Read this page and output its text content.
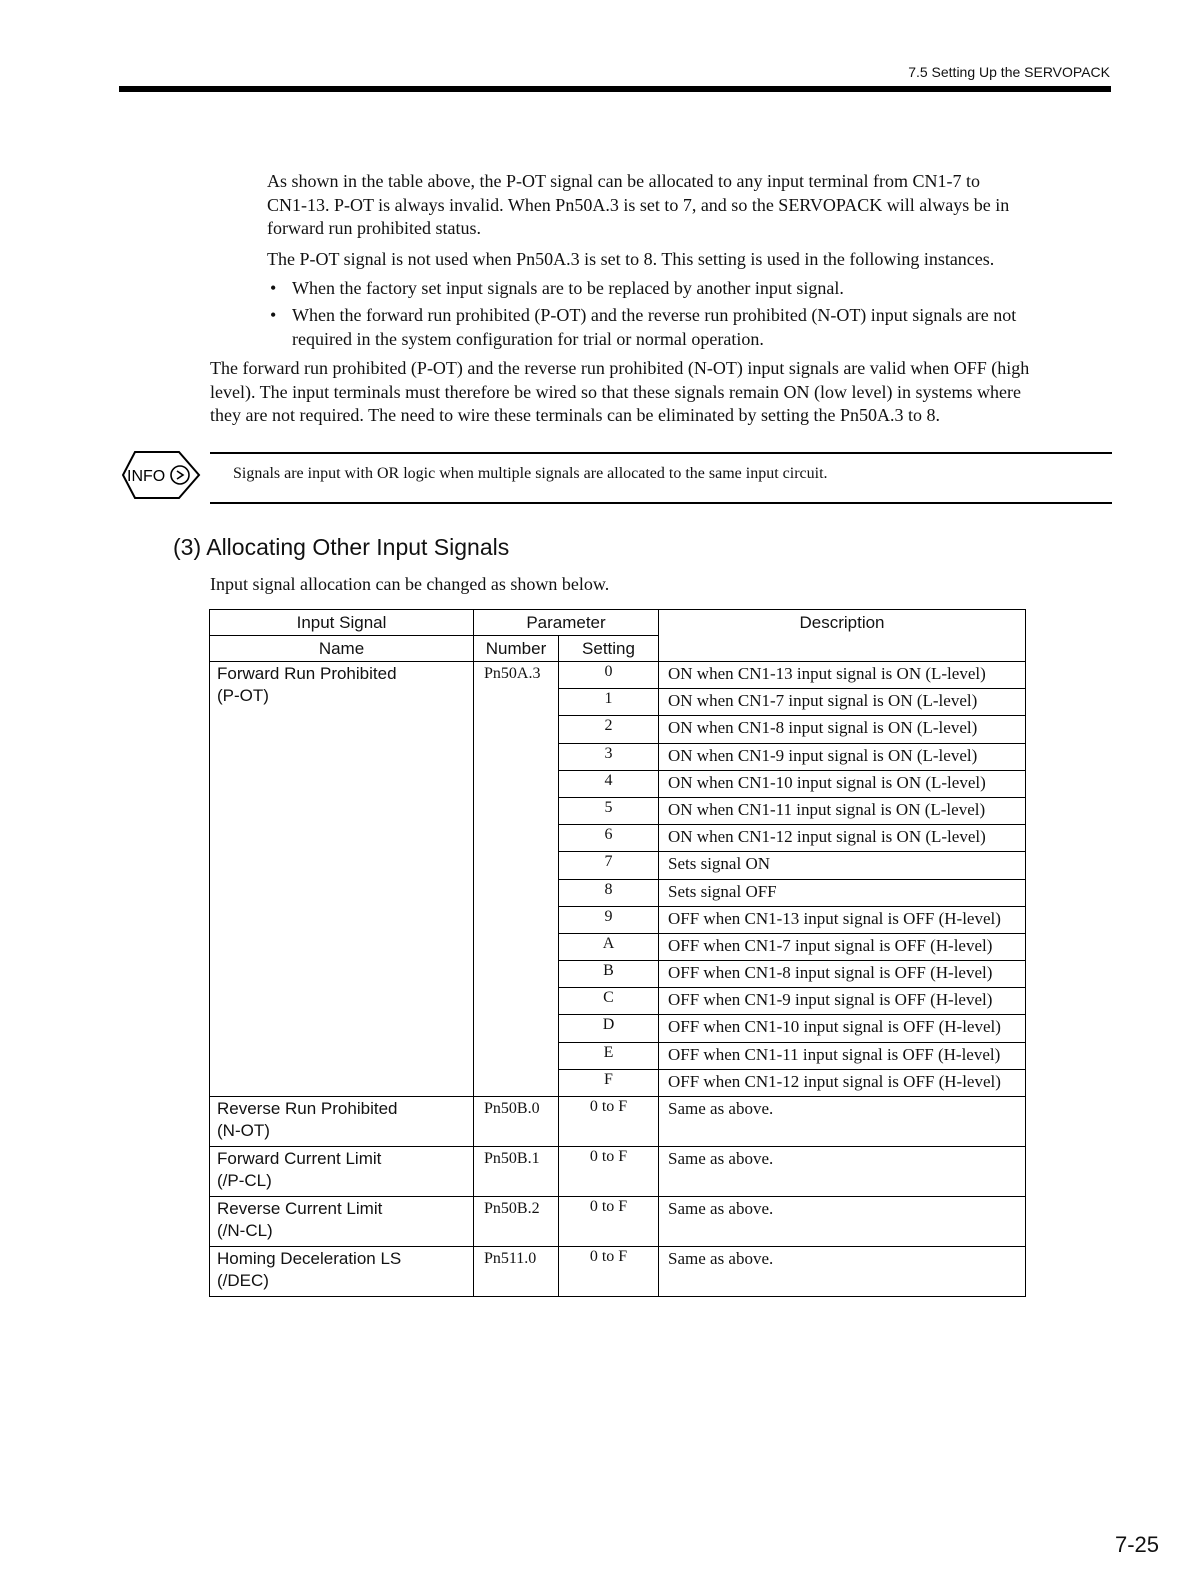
7.5 Setting Up the SERVOPACK
As shown in the table above, the P-OT signal can be allocated to any input terminal from CN1-7 to
CN1-13. P-OT is always invalid. When Pn50A.3 is set to 7, and so the SERVOPACK will always be in
forward run prohibited status.
The P-OT signal is not used when Pn50A.3 is set to 8. This setting is used in the following instances.
• When the factory set input signals are to be replaced by another input signal.
• When the forward run prohibited (P-OT) and the reverse run prohibited (N-OT) input signals are not
required in the system configuration for trial or normal operation.
The forward run prohibited (P-OT) and the reverse run prohibited (N-OT) input signals are valid when OFF (high
level). The input terminals must therefore be wired so that these signals remain ON (low level) in systems where
they are not required. The need to wire these terminals can be eliminated by setting the Pn50A.3 to 8.
INFO	Signals are input with OR logic when multiple signals are allocated to the same input circuit.
(3) Allocating Other Input Signals
Input signal allocation can be changed as shown below.
Input Signal	Parameter		Description
Name	Number	Setting	

Forward Run Prohibited
(P-OT)	Pn50A.3	0	ON when CN1-13 input signal is ON (L-level)
		1	ON when CN1-7 input signal is ON (L-level)
		2	ON when CN1-8 input signal is ON (L-level)
		3	ON when CN1-9 input signal is ON (L-level)
		4	ON when CN1-10 input signal is ON (L-level)
		5	ON when CN1-11 input signal is ON (L-level)
		6	ON when CN1-12 input signal is ON (L-level)
		7	Sets signal ON
		8	Sets signal OFF
		9	OFF when CN1-13 input signal is OFF (H-level)
		A	OFF when CN1-7 input signal is OFF (H-level)
		B	OFF when CN1-8 input signal is OFF (H-level)
		C	OFF when CN1-9 input signal is OFF (H-level)
		D	OFF when CN1-10 input signal is OFF (H-level)
		E	OFF when CN1-11 input signal is OFF (H-level)
		F	OFF when CN1-12 input signal is OFF (H-level)

Reverse Run Prohibited
(N-OT)	Pn50B.0	0 to F	Same as above.

Forward Current Limit
(/P-CL)	Pn50B.1	0 to F	Same as above.

Reverse Current Limit
(/N-CL)	Pn50B.2	0 to F	Same as above.

Homing Deceleration LS
(/DEC)	Pn511.0	0 to F	Same as above.
7-25
